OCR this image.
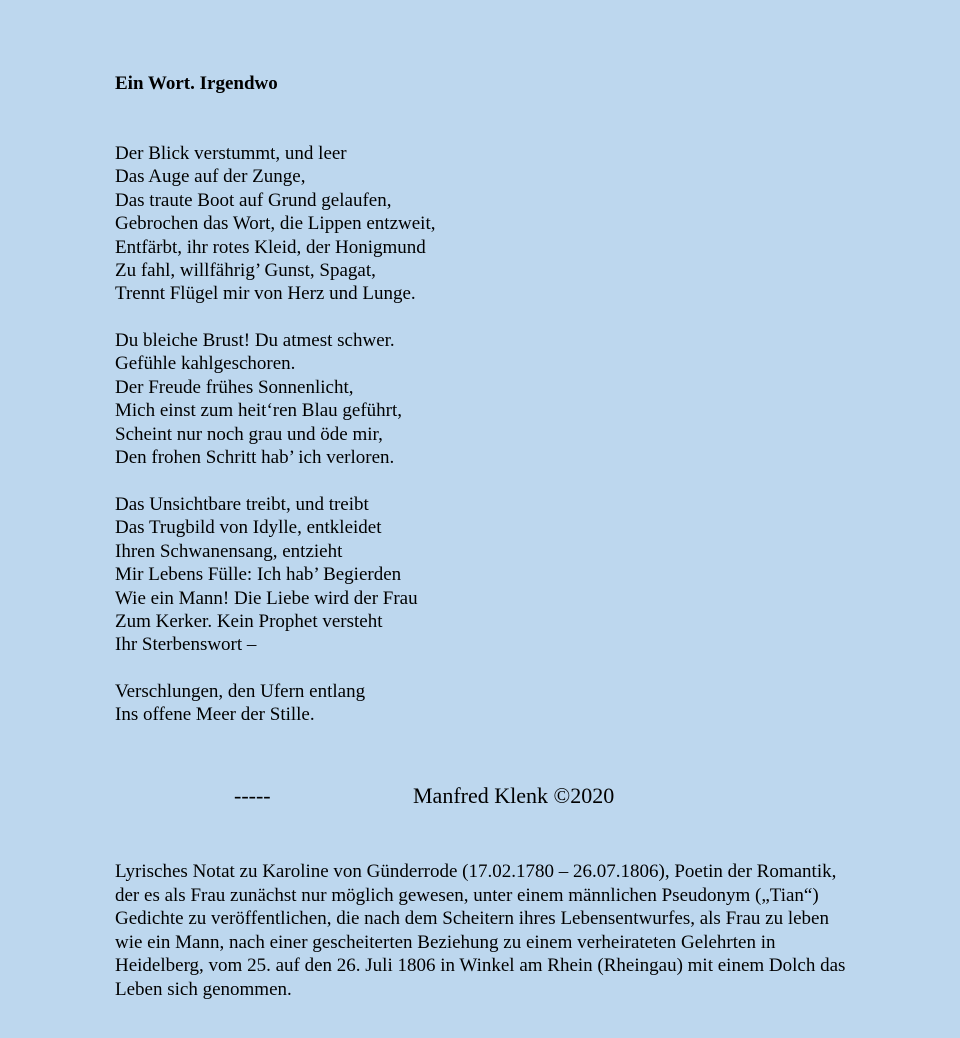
Ein Wort. Irgendwo
Der Blick verstummt, und leer
Das Auge auf der Zunge,
Das traute Boot auf Grund gelaufen,
Gebrochen das Wort, die Lippen entzweit,
Entfärbt, ihr rotes Kleid, der Honigmund
Zu fahl, willfährig’ Gunst, Spagat,
Trennt Flügel mir von Herz und Lunge.
Du bleiche Brust! Du atmest schwer.
Gefühle kahlgeschoren.
Der Freude frühes Sonnenlicht,
Mich einst zum heit‘ren Blau geführt,
Scheint nur noch grau und öde mir,
Den frohen Schritt hab’ ich verloren.
Das Unsichtbare treibt, und treibt
Das Trugbild von Idylle, entkleidet
Ihren Schwanensang, entzieht
Mir Lebens Fülle: Ich hab’ Begierden
Wie ein Mann! Die Liebe wird der Frau
Zum Kerker. Kein Prophet versteht
Ihr Sterbenswort –
Verschlungen, den Ufern entlang
Ins offene Meer der Stille.
-----	Manfred Klenk ©2020
Lyrisches Notat zu Karoline von Günderrode (17.02.1780 – 26.07.1806), Poetin der Romantik,
der es als Frau zunächst nur möglich gewesen, unter einem männlichen Pseudonym („Tian“)
Gedichte zu veröffentlichen, die nach dem Scheitern ihres Lebensentwurfes, als Frau zu leben
wie ein Mann, nach einer gescheiterten Beziehung zu einem verheirateten Gelehrten in
Heidelberg, vom 25. auf den 26. Juli 1806 in Winkel am Rhein (Rheingau) mit einem Dolch das
Leben sich genommen.
